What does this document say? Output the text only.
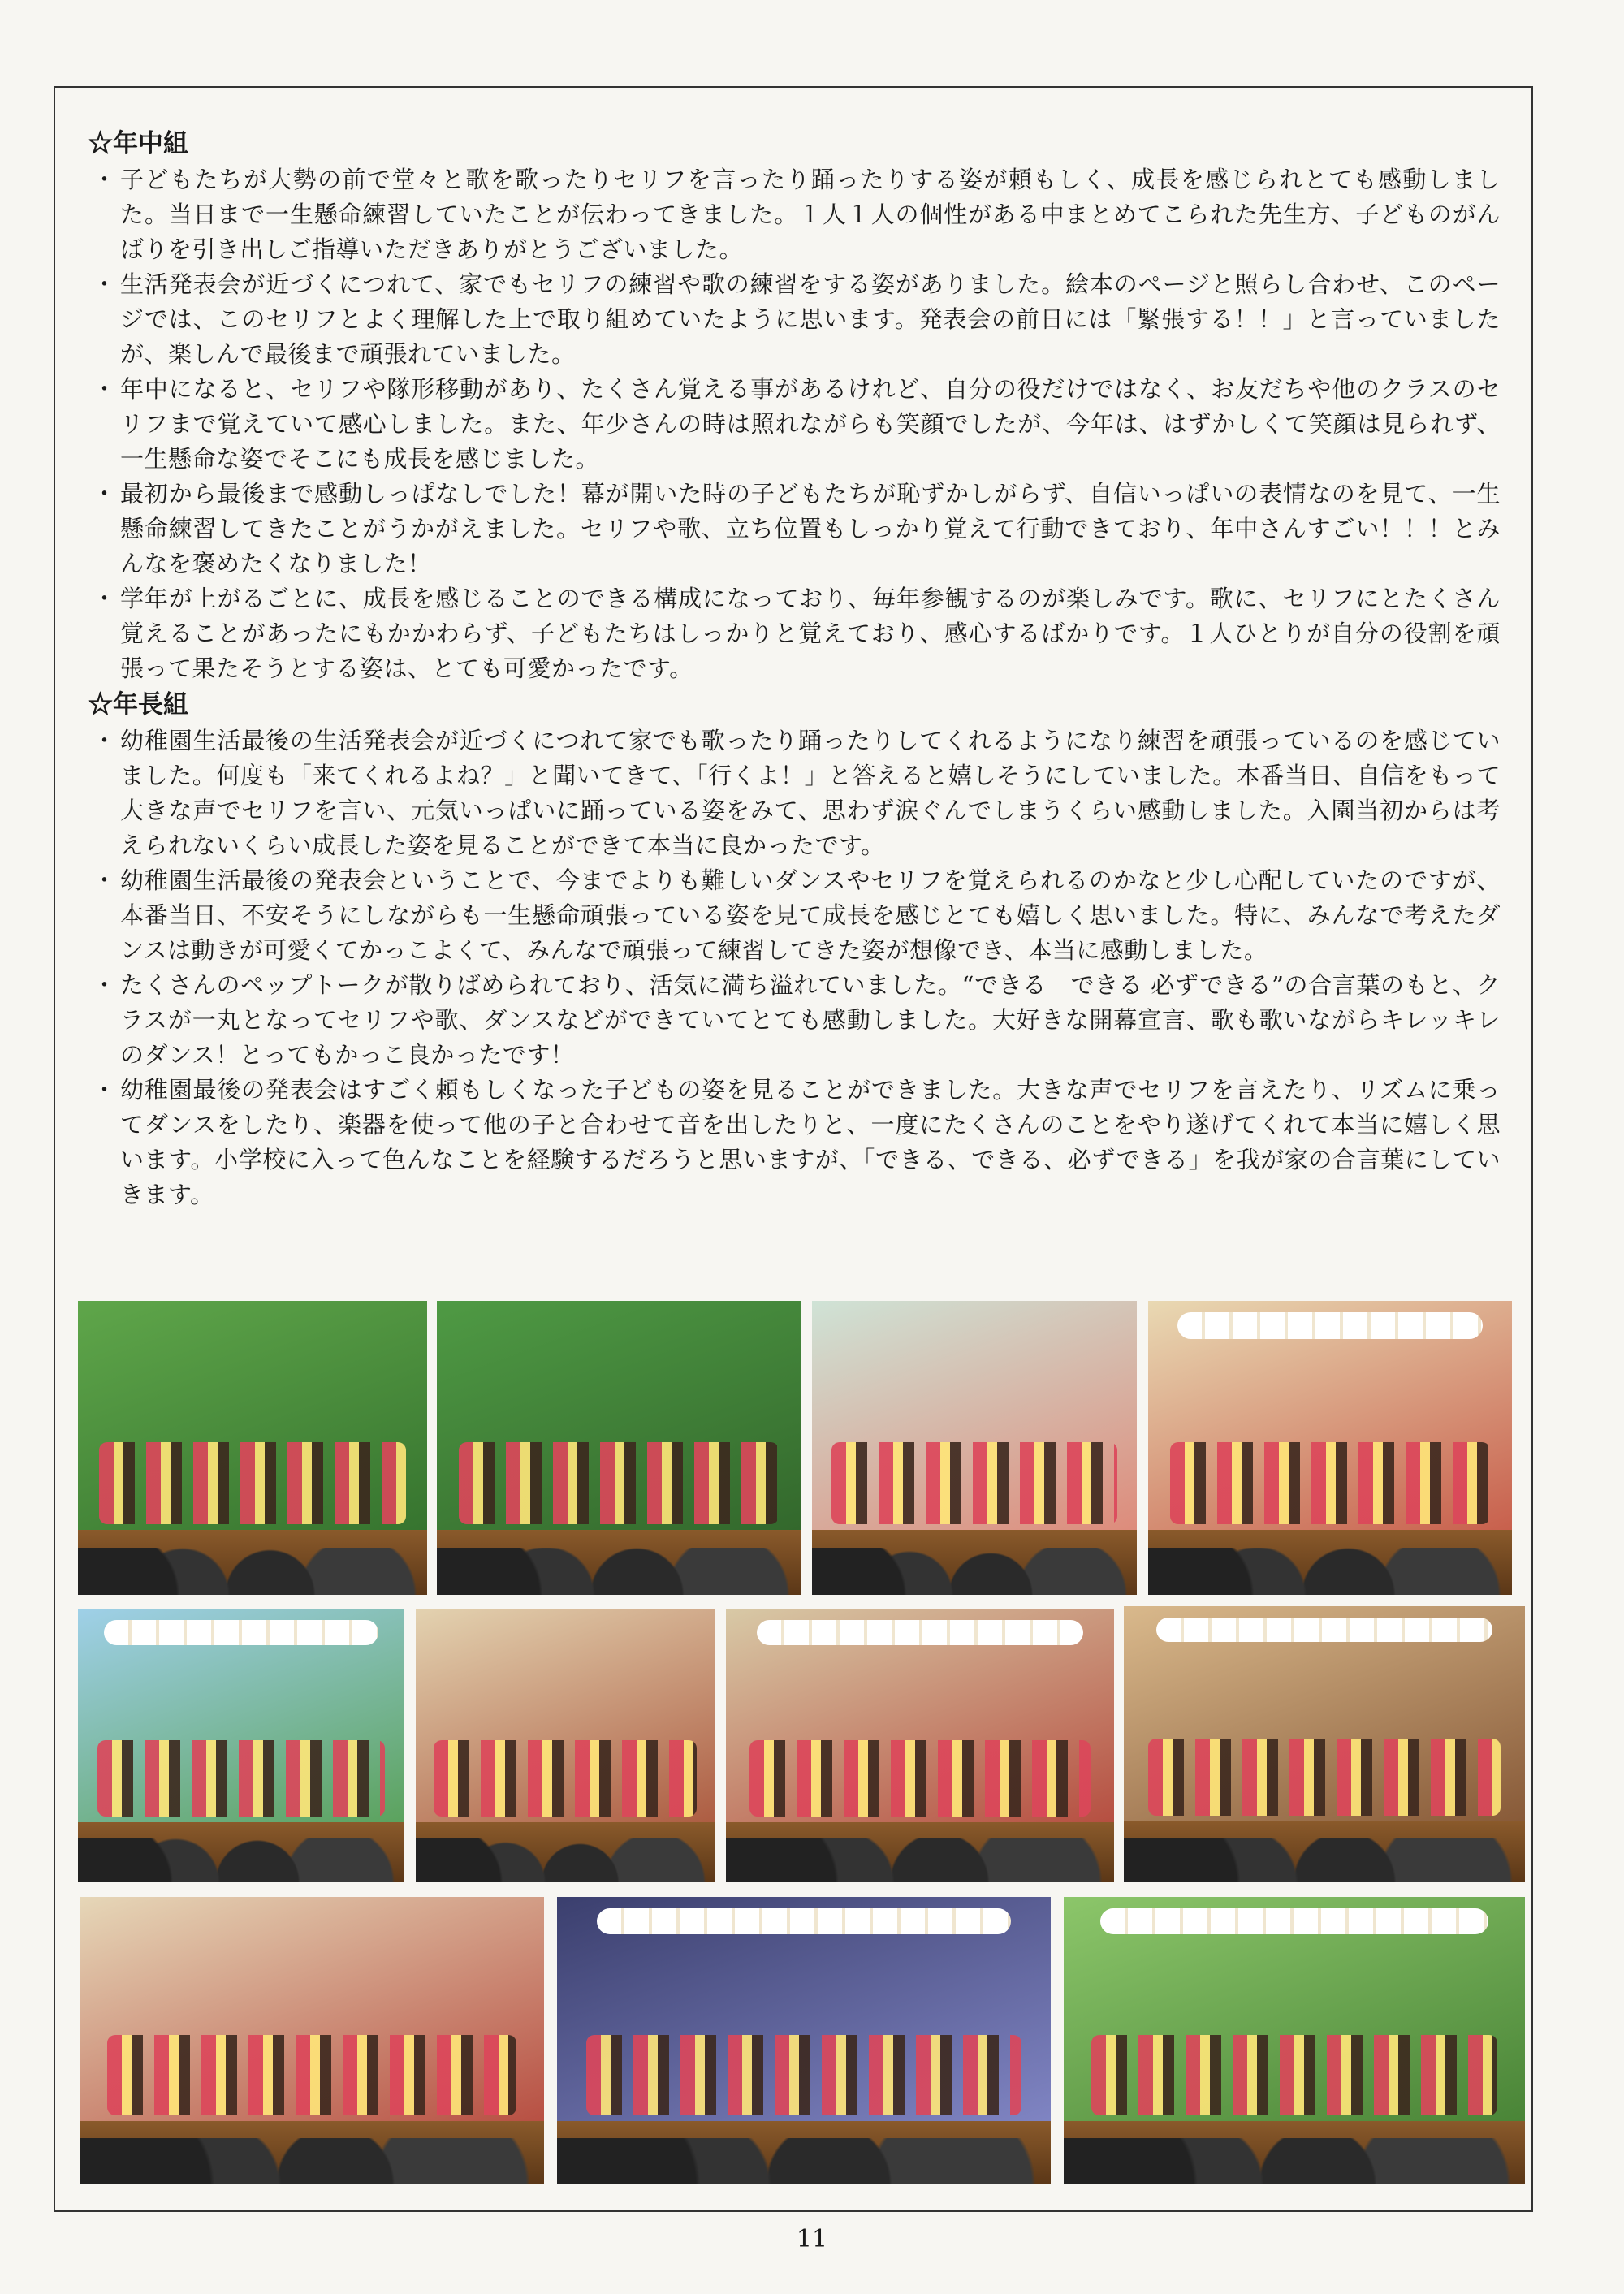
☆年中組

・ 子どもたちが大勢の前で堂々と歌を歌ったりセリフを言ったり踊ったりする姿が頼もしく、成長を感じられとても感動しました。当日まで一生懸命練習していたことが伝わってきました。１人１人の個性がある中まとめてこられた先生方、子どものがんばりを引き出しご指導いただきありがとうございました。

・ 生活発表会が近づくにつれて、家でもセリフの練習や歌の練習をする姿がありました。絵本のページと照らし合わせ、このページでは、このセリフとよく理解した上で取り組めていたように思います。発表会の前日には「緊張する！！」と言っていましたが、楽しんで最後まで頑張れていました。

・ 年中になると、セリフや隊形移動があり、たくさん覚える事があるけれど、自分の役だけではなく、お友だちや他のクラスのセリフまで覚えていて感心しました。また、年少さんの時は照れながらも笑顔でしたが、今年は、はずかしくて笑顔は見られず、一生懸命な姿でそこにも成長を感じました。

・ 最初から最後まで感動しっぱなしでした！幕が開いた時の子どもたちが恥ずかしがらず、自信いっぱいの表情なのを見て、一生懸命練習してきたことがうかがえました。セリフや歌、立ち位置もしっかり覚えて行動できており、年中さんすごい！！！とみんなを褒めたくなりました！

・ 学年が上がるごとに、成長を感じることのできる構成になっており、毎年参観するのが楽しみです。歌に、セリフにとたくさん覚えることがあったにもかかわらず、子どもたちはしっかりと覚えており、感心するばかりです。１人ひとりが自分の役割を頑張って果たそうとする姿は、とても可愛かったです。

☆年長組

・ 幼稚園生活最後の生活発表会が近づくにつれて家でも歌ったり踊ったりしてくれるようになり練習を頑張っているのを感じていました。何度も「来てくれるよね？」と聞いてきて、「行くよ！」と答えると嬉しそうにしていました。本番当日、自信をもって大きな声でセリフを言い、元気いっぱいに踊っている姿をみて、思わず涙ぐんでしまうくらい感動しました。入園当初からは考えられないくらい成長した姿を見ることができて本当に良かったです。

・ 幼稚園生活最後の発表会ということで、今までよりも難しいダンスやセリフを覚えられるのかなと少し心配していたのですが、本番当日、不安そうにしながらも一生懸命頑張っている姿を見て成長を感じとても嬉しく思いました。特に、みんなで考えたダンスは動きが可愛くてかっこよくて、みんなで頑張って練習してきた姿が想像でき、本当に感動しました。

・ たくさんのペップトークが散りばめられており、活気に満ち溢れていました。“できる　できる 必ずできる”の合言葉のもと、クラスが一丸となってセリフや歌、ダンスなどができていてとても感動しました。大好きな開幕宣言、歌も歌いながらキレッキレのダンス！とってもかっこ良かったです！

・ 幼稚園最後の発表会はすごく頼もしくなった子どもの姿を見ることができました。大きな声でセリフを言えたり、リズムに乗ってダンスをしたり、楽器を使って他の子と合わせて音を出したりと、一度にたくさんのことをやり遂げてくれて本当に嬉しく思います。小学校に入って色んなことを経験するだろうと思いますが、「できる、できる、必ずできる」を我が家の合言葉にしていきます。

11
